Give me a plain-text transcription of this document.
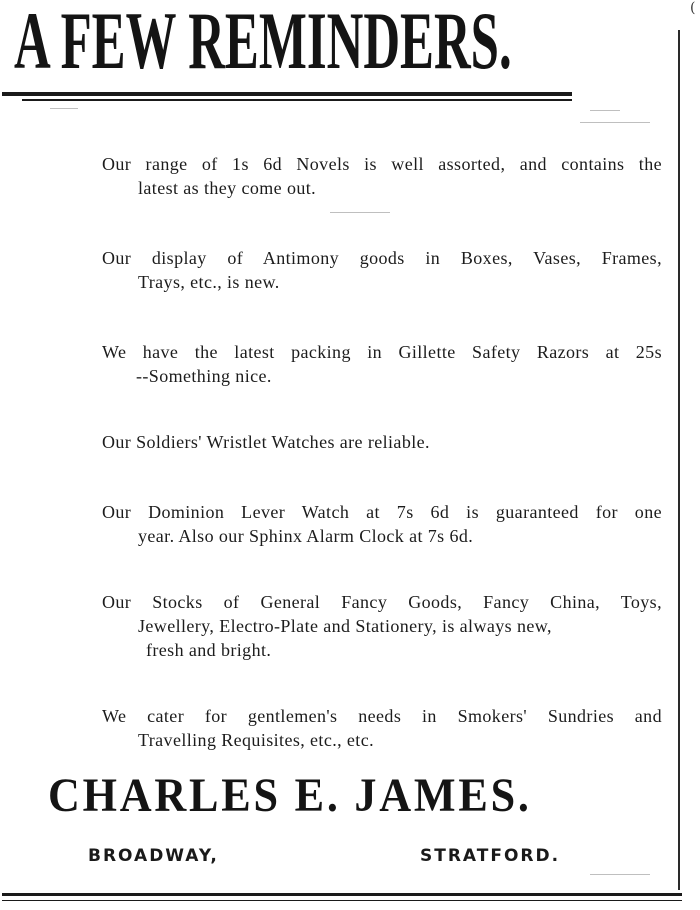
A FEW REMINDERS.	(
Our range of 1s 6d Novels is well assorted, and contains the
latest as they come out.
Our display of Antimony goods in Boxes, Vases, Frames,
Trays, etc., is new.
We have the latest packing in Gillette Safety Razors at 25s
--Something nice.
Our Soldiers' Wristlet Watches are reliable.
Our Dominion Lever Watch at 7s 6d is guaranteed for one
year. Also our Sphinx Alarm Clock at 7s 6d.
Our Stocks of General Fancy Goods, Fancy China, Toys,
Jewellery, Electro-Plate and Stationery, is always new,
fresh and bright.
We cater for gentlemen's needs in Smokers' Sundries and
Travelling Requisites, etc., etc.
CHARLES E. JAMES.
BROADWAY,	STRATFORD.
